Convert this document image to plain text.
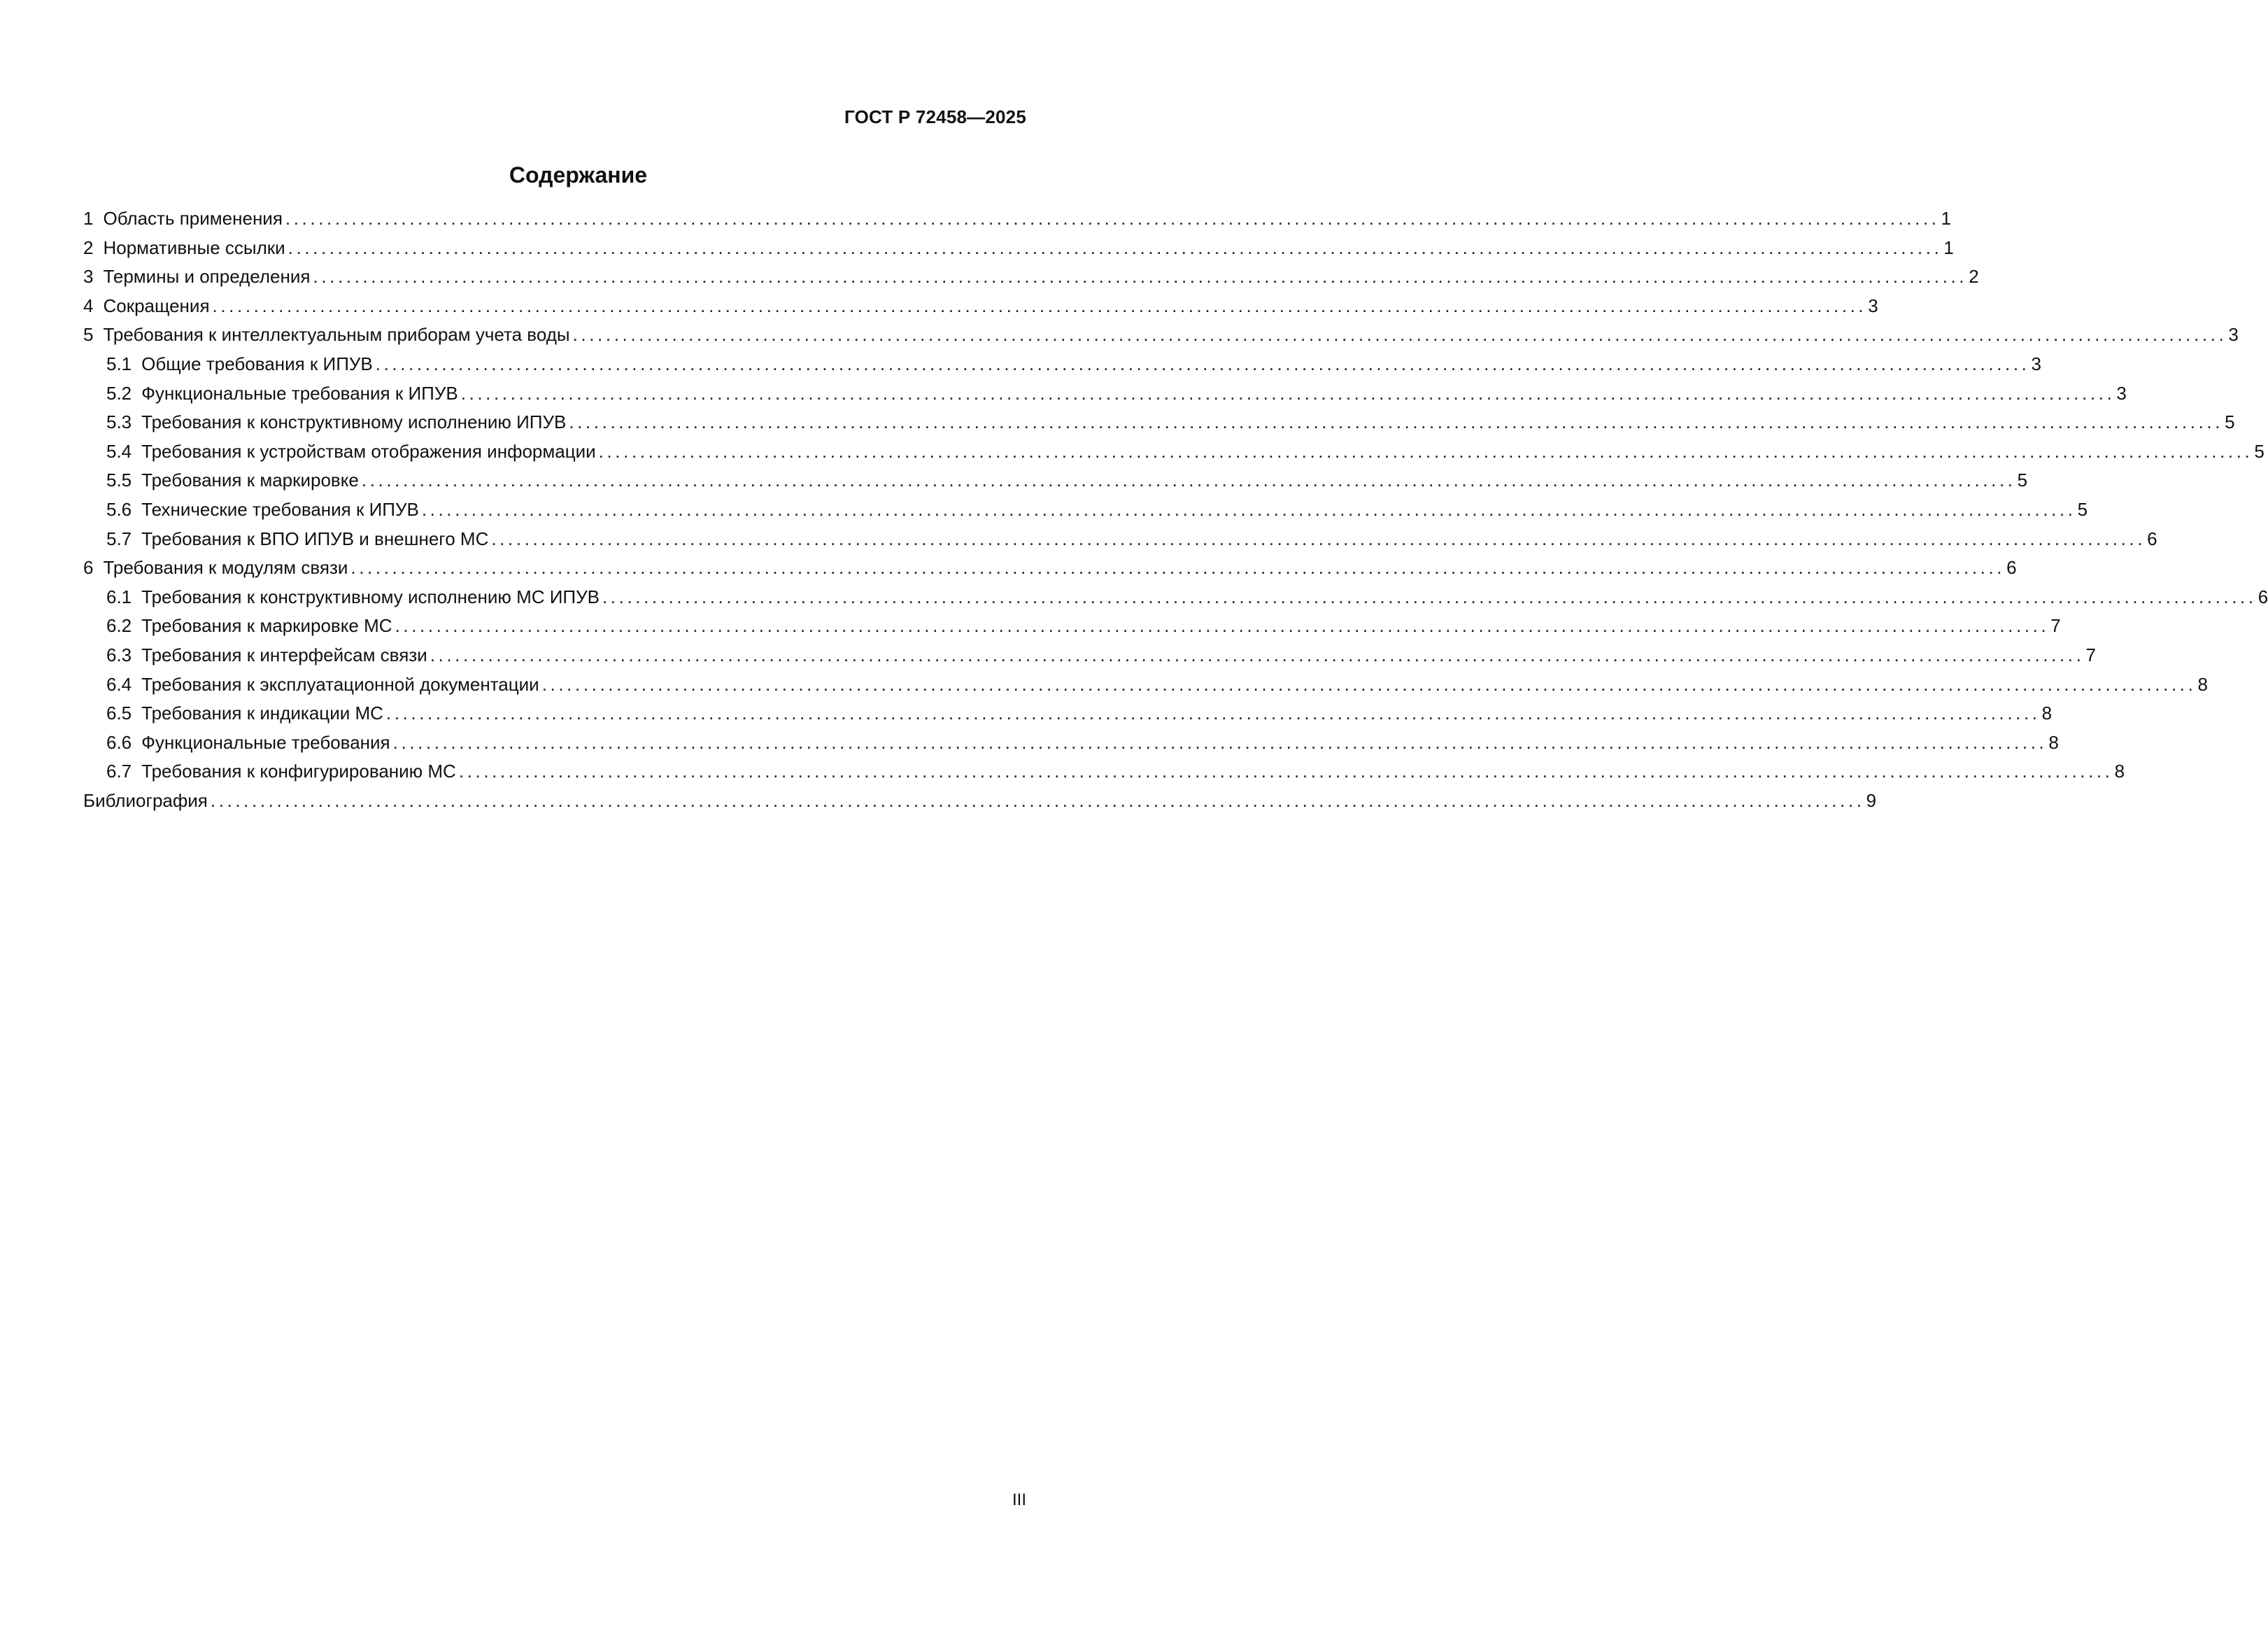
ГОСТ Р 72458—2025
Содержание
1 Область применения ........................................................................................................................................................................................................ 1
2 Нормативные ссылки ........................................................................................................................................................................................................ 1
3 Термины и определения ........................................................................................................................................................................................................ 2
4 Сокращения ........................................................................................................................................................................................................ 3
5 Требования к интеллектуальным приборам учета воды ........................................................................................................................................................................................................ 3
5.1 Общие требования к ИПУВ ........................................................................................................................................................................................................ 3
5.2 Функциональные требования к ИПУВ ........................................................................................................................................................................................................ 3
5.3 Требования к конструктивному исполнению ИПУВ ........................................................................................................................................................................................................ 5
5.4 Требования к устройствам отображения информации ........................................................................................................................................................................................................ 5
5.5 Требования к маркировке ........................................................................................................................................................................................................ 5
5.6 Технические требования к ИПУВ ........................................................................................................................................................................................................ 5
5.7 Требования к ВПО ИПУВ и внешнего МС ........................................................................................................................................................................................................ 6
6 Требования к модулям связи ........................................................................................................................................................................................................ 6
6.1 Требования к конструктивному исполнению МС ИПУВ ........................................................................................................................................................................................................ 6
6.2 Требования к маркировке МС ........................................................................................................................................................................................................ 7
6.3 Требования к интерфейсам связи ........................................................................................................................................................................................................ 7
6.4 Требования к эксплуатационной документации ........................................................................................................................................................................................................ 8
6.5 Требования к индикации МС ........................................................................................................................................................................................................ 8
6.6 Функциональные требования ........................................................................................................................................................................................................ 8
6.7 Требования к конфигурированию МС ........................................................................................................................................................................................................ 8
Библиография ........................................................................................................................................................................................................ 9
III
